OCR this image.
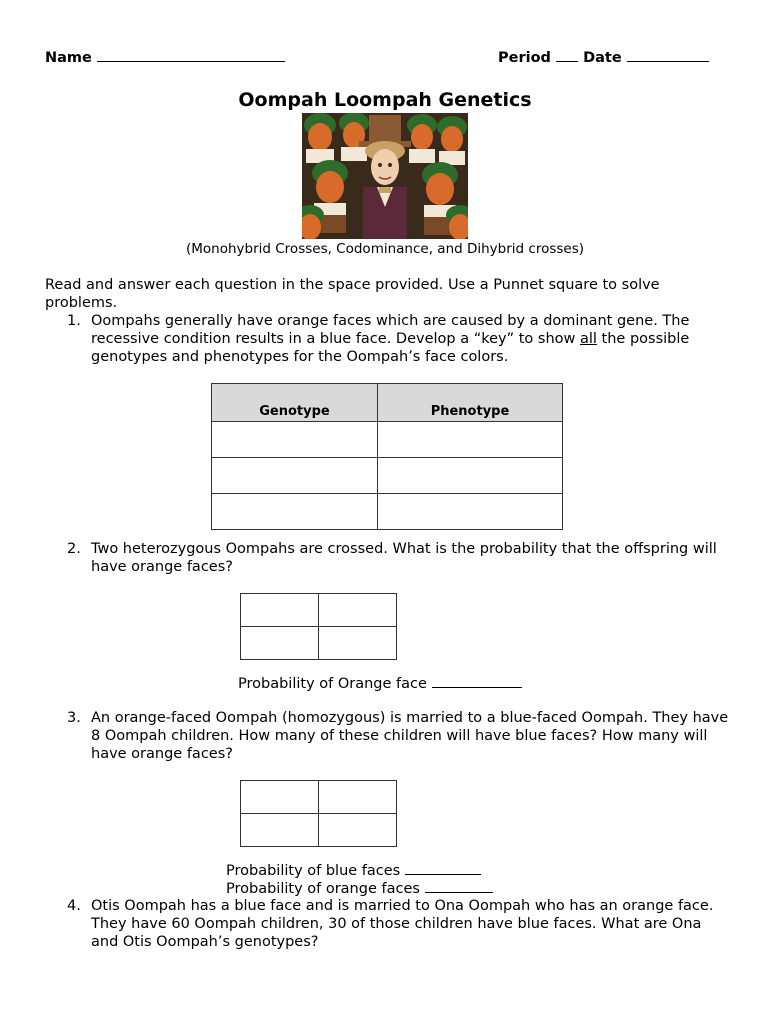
Name	Period Date
Oompah Loompah Genetics
(Monohybrid Crosses, Codominance, and Dihybrid crosses)
Read and answer each question in the space provided. Use a Punnet square to solve problems.
1. Oompahs generally have orange faces which are caused by a dominant gene. The recessive condition results in a blue face. Develop a “key” to show all the possible genotypes and phenotypes for the Oompah’s face colors.
Genotype	Phenotype

2. Two heterozygous Oompahs are crossed. What is the probability that the offspring will have orange faces?

Probability of Orange face
3. An orange-faced Oompah (homozygous) is married to a blue-faced Oompah. They have 8 Oompah children. How many of these children will have blue faces? How many will have orange faces?

Probability of blue faces
Probability of orange faces
4. Otis Oompah has a blue face and is married to Ona Oompah who has an orange face. They have 60 Oompah children, 30 of those children have blue faces. What are Ona and Otis Oompah’s genotypes?
